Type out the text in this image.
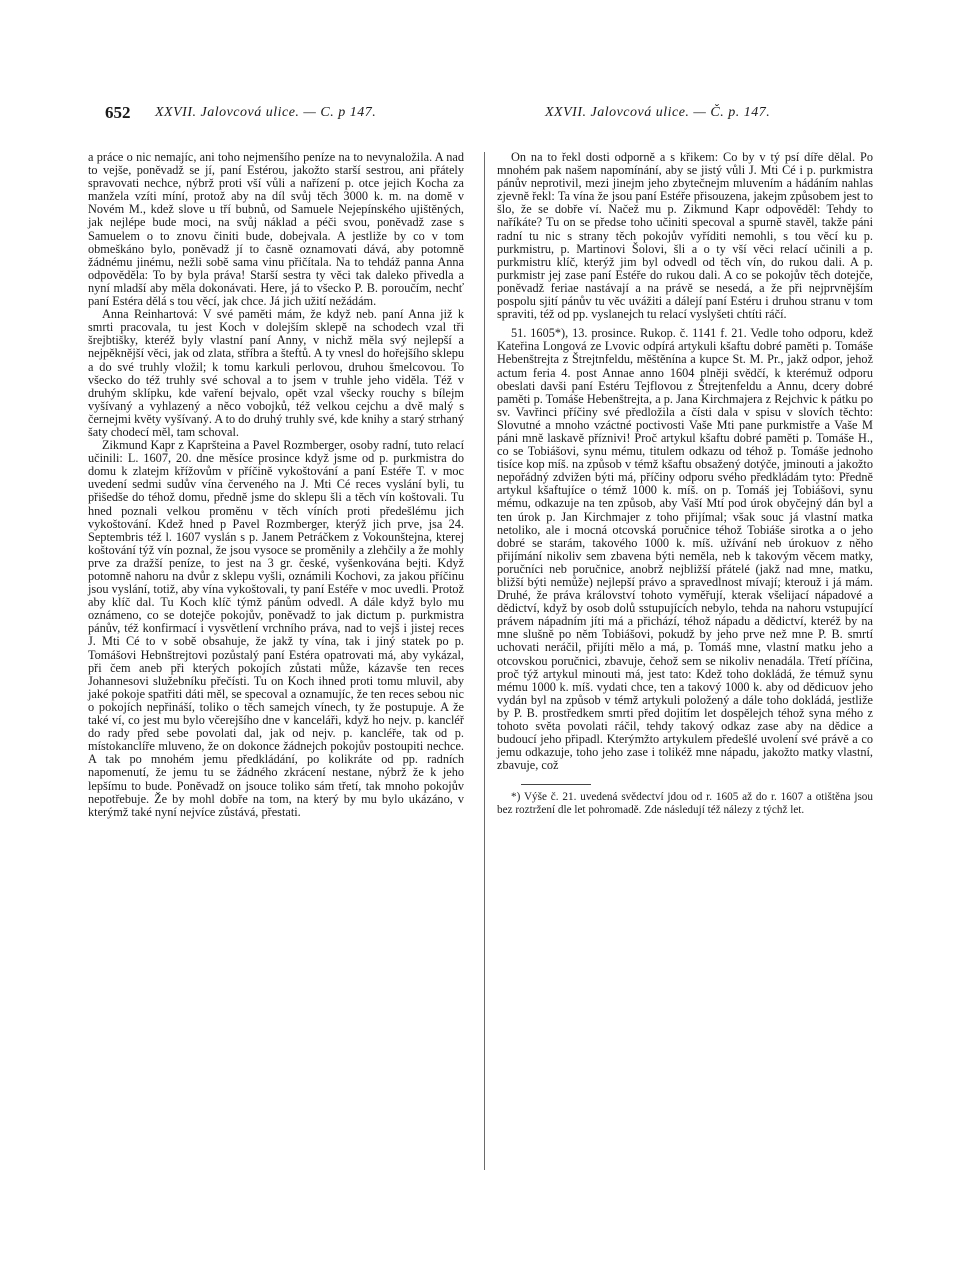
652 XXVII. Jalovcová ulice. — C. p 147.	XXVII. Jalovcová ulice. — Č. p. 147.

a práce o nic nemajíc, ani toho nejmenšího peníze na to nevynaložila. A nad to vejše, poněvadž se jí, paní Estérou, jakožto starší sestrou, ani přátely spravovati nechce, nýbrž proti vší vůli a nařízení p. otce jejich Kocha za manžela vzíti míní, protož aby na díl svůj těch 3000 k. m. na domě v Novém M., kdež slove u tří bubnů, od Samuele Nejepínského ujištěných, jak nejlépe bude moci, na svůj náklad a péči svou, poněvadž zase s Samuelem o to znovu činiti bude, dobejvala. A jestliže by co v tom obmeškáno bylo, poněvadž jí to časně oznamovati dává, aby potomně žádnému jinému, nežli sobě sama vinu přičítala. Na to tehdáž panna Anna odpověděla: To by byla práva! Starší sestra ty věci tak daleko přivedla a nyní mladší aby měla dokonávati. Here, já to všecko P. B. poroučím, nechť paní Estéra dělá s tou věcí, jak chce. Já jich užití nežádám.

Anna Reinhartová: V své paměti mám, že když neb. paní Anna již k smrti pracovala, tu jest Koch v dolejším sklepě na schodech vzal tři šrejbtišky, kteréž byly vlastní paní Anny, v nichž měla svý nejlepší a nejpěknější věci, jak od zlata, stříbra a šteftů. A ty vnesl do hořejšího sklepu a do své truhly vložil; k tomu karkuli perlovou, druhou šmelcovou. To všecko do též truhly své schoval a to jsem v truhle jeho viděla. Též v druhým sklípku, kde vaření bejvalo, opět vzal všecky rouchy s bílejm vyšívaný a vyhlazený a něco vobojků, též velkou cejchu a dvě malý s černejmi květy vyšívaný. A to do druhý truhly své, kde knihy a starý strhaný šaty chodecí měl, tam schoval.

Zikmund Kapr z Kapršteina a Pavel Rozmberger, osoby radní, tuto relací učinili: L. 1607, 20. dne měsíce prosince když jsme od p. purkmistra do domu k zlatejm křížovům v příčině vykoštování a paní Estéře T. v moc uvedení sedmi sudův vína červeného na J. Mti Cé reces vyslání byli, tu přišedše do téhož domu, předně jsme do sklepu šli a těch vín koštovali. Tu hned poznali velkou proměnu v těch víních proti předešlému jich vykoštování. Kdež hned p Pavel Rozmberger, kterýž jich prve, jsa 24. Septembris též l. 1607 vyslán s p. Janem Petráčkem z Vokounštejna, kterej koštování týž vín poznal, že jsou vysoce se proměnily a zlehčily a že mohly prve za dražší peníze, to jest na 3 gr. české, vyšenkována bejti. Když potomně nahoru na dvůr z sklepu vyšli, oznámili Kochovi, za jakou příčinu jsou vyslání, totiž, aby vína vykoštovali, ty paní Estéře v moc uvedli. Protož aby klíč dal. Tu Koch klíč týmž pánům odvedl. A dále když bylo mu oznámeno, co se dotejče pokojův, poněvadž to jak dictum p. purkmistra pánův, též konfirmací i vysvětlení vrchního práva, nad to vejš i jistej reces J. Mti Cé to v sobě obsahuje, že jakž ty vína, tak i jiný statek po p. Tomášovi Hebnštrejtovi pozůstalý paní Estéra opatrovati má, aby vykázal, při čem aneb při kterých pokojích zůstati může, kázavše ten reces Johannesovi služebníku přečísti. Tu on Koch ihned proti tomu mluvil, aby jaké pokoje spatřiti dáti měl, se specoval a oznamujíc, že ten reces sebou nic o pokojích nepřináší, toliko o těch samejch vínech, ty že postupuje. A že také ví, co jest mu bylo včerejšího dne v kanceláři, když ho nejv. p. kancléř do rady před sebe povolati dal, jak od nejv. p. kancléře, tak od p. místokanclíře mluveno, že on dokonce žádnejch pokojův postoupiti nechce. A tak po mnohém jemu předkládání, po kolikráte od pp. radních napomenutí, že jemu tu se žádného zkrácení nestane, nýbrž že k jeho lepšímu to bude. Poněvadž on jsouce toliko sám třetí, tak mnoho pokojův nepotřebuje. Že by mohl dobře na tom, na který by mu bylo ukázáno, v kterýmž také nyní nejvíce zůstává, přestati.

On na to řekl dosti odporně a s křikem: Co by v tý psí díře dělal. Po mnohém pak našem napomínání, aby se jistý vůli J. Mti Cé i p. purkmistra pánův neprotivil, mezi jinejm jeho zbytečnejm mluvením a hádáním nahlas zjevně řekl: Ta vína že jsou paní Estéře přisouzena, jakejm způsobem jest to šlo, že se dobře ví. Načež mu p. Zikmund Kapr odpověděl: Tehdy to naříkáte? Tu on se předse toho učiniti specoval a spurně stavěl, takže páni radní tu nic s strany těch pokojův vyříditi nemohli, s tou věcí ku p. purkmistru, p. Martinovi Šolovi, šli a o ty vší věci relací učinili a p. purkmistru klíč, kterýž jim byl odvedl od těch vín, do rukou dali. A p. purkmistr jej zase paní Estéře do rukou dali. A co se pokojův těch dotejče, poněvadž feriae nastávají a na právě se nesedá, a že při nejprvnějším pospolu sjití pánův tu věc uvážiti a dálejí paní Estéru i druhou stranu v tom spraviti, též od pp. vyslanejch tu relací vyslyšeti chtíti ráčí.

51. 1605*), 13. prosince. Rukop. č. 1141 f. 21. Vedle toho odporu, kdež Kateřina Longová ze Lvovic odpírá artykuli kšaftu dobré paměti p. Tomáše Hebenštrejta z Štrejtnfeldu, měštěnína a kupce St. M. Pr., jakž odpor, jehož actum feria 4. post Annae anno 1604 plněji svědčí, k kterémuž odporu obeslati davši paní Estéru Tejflovou z Štrejtenfeldu a Annu, dcery dobré paměti p. Tomáše Hebenštrejta, a p. Jana Kirchmajera z Rejchvic k pátku po sv. Vavřinci příčiny své předložila a čísti dala v spisu v slovích těchto: Slovutné a mnoho vzáctné poctivosti Vaše Mti pane purkmistře a Vaše M páni mně laskavě příznivi! Proč artykul kšaftu dobré paměti p. Tomáše H., co se Tobiášovi, synu mému, titulem odkazu od téhož p. Tomáše jednoho tisíce kop míš. na způsob v témž kšaftu obsažený dotýče, jminouti a jakožto nepořádný zdvižen býti má, příčiny odporu svého předkládám tyto: Předně artykul kšaftujíce o témž 1000 k. míš. on p. Tomáš jej Tobiášovi, synu mému, odkazuje na ten způsob, aby Vaší Mtí pod úrok obyčejný dán byl a ten úrok p. Jan Kirchmajer z toho přijímal; však souc já vlastní matka netoliko, ale i mocná otcovská poručnice téhož Tobiáše sirotka a o jeho dobré se starám, takového 1000 k. míš. užívání neb úrokuov z něho přijímání nikoliv sem zbavena býti neměla, neb k takovým věcem matky, poručníci neb poručnice, anobrž nejbližší přátelé (jakž nad mne, matku, bližší býti nemůže) nejlepší právo a spravedlnost mívají; kterouž i já mám. Druhé, že práva království tohoto vyměřují, kterak všelijací nápadové a dědictví, když by osob dolů sstupujících nebylo, tehda na nahoru vstupující právem nápadním jíti má a přichází, téhož nápadu a dědictví, kteréž by na mne slušně po něm Tobiášovi, pokudž by jeho prve než mne P. B. smrtí uchovati neráčil, přijíti mělo a má, p. Tomáš mne, vlastní matku jeho a otcovskou poručnici, zbavuje, čehož sem se nikoliv nenadála. Třetí příčina, proč týž artykul minouti má, jest tato: Kdež toho dokládá, že témuž synu mému 1000 k. míš. vydati chce, ten a takový 1000 k. aby od dědicuov jeho vydán byl na způsob v témž artykuli položený a dále toho dokládá, jestliže by P. B. prostředkem smrti před dojitím let dospělejch téhož syna mého z tohoto světa povolati ráčil, tehdy takový odkaz zase aby na dědice a budoucí jeho připadl. Kterýmžto artykulem předešlé uvolení své právě a co jemu odkazuje, toho jeho zase i tolikéž mne nápadu, jakožto matky vlastní, zbavuje, což

*) Výše č. 21. uvedená svědectví jdou od r. 1605 až do r. 1607 a otištěna jsou bez roztržení dle let pohromadě. Zde následují též nálezy z týchž let.
